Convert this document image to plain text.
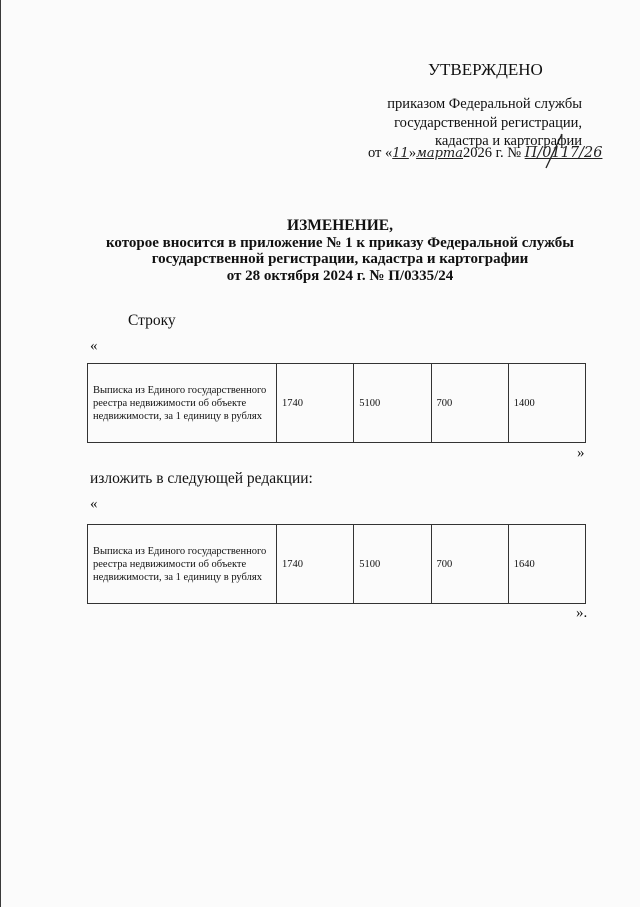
УТВЕРЖДЕНО
приказом Федеральной службы
государственной регистрации,
кадастра и картографии
от «11»марта2026 г. № П/0117/26
ИЗМЕНЕНИЕ,
которое вносится в приложение № 1 к приказу Федеральной службы
государственной регистрации, кадастра и картографии
от 28 октября 2024 г. № П/0335/24
Строку
«
Выписка из Единого государственного реестра недвижимости об объекте недвижимости, за 1 единицу в рублях	1740	5100	700	1400
»
изложить в следующей редакции:
«
Выписка из Единого государственного реестра недвижимости об объекте недвижимости, за 1 единицу в рублях	1740	5100	700	1640
».
